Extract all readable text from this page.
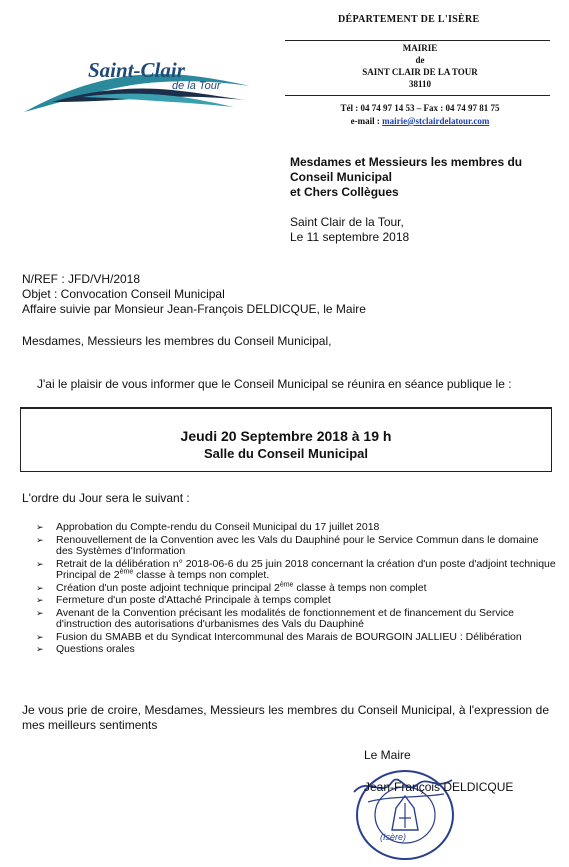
DÉPARTEMENT DE L'ISÈRE
MAIRIE
de
SAINT CLAIR DE LA TOUR
38110
Tél : 04 74 97 14 53 – Fax : 04 74 97 81 75
e-mail : mairie@stclairdelatour.com
Saint-Clair
de la Tour
Mesdames et Messieurs les membres du
Conseil Municipal
et Chers Collègues
Saint Clair de la Tour,
Le 11 septembre 2018
N/REF : JFD/VH/2018
Objet : Convocation Conseil Municipal
Affaire suivie par Monsieur Jean-François DELDICQUE, le Maire
Mesdames, Messieurs les membres du Conseil Municipal,
J'ai le plaisir de vous informer que le Conseil Municipal se réunira en séance publique le :
Jeudi 20 Septembre 2018 à 19 h
Salle du Conseil Municipal
L'ordre du Jour sera le suivant :
➢ Approbation du Compte-rendu du Conseil Municipal du 17 juillet 2018
➢ Renouvellement de la Convention avec les Vals du Dauphiné pour le Service Commun dans le domaine des Systèmes d'Information
➢ Retrait de la délibération n° 2018-06-6 du 25 juin 2018 concernant la création d'un poste d'adjoint technique Principal de 2ème classe à temps non complet.
➢ Création d'un poste adjoint technique principal 2ème classe à temps non complet
➢ Fermeture d'un poste d'Attaché Principale à temps complet
➢ Avenant de la Convention précisant les modalités de fonctionnement et de financement du Service d'instruction des autorisations d'urbanismes des Vals du Dauphiné
➢ Fusion du SMABB et du Syndicat Intercommunal des Marais de BOURGOIN JALLIEU : Délibération
➢ Questions orales
Je vous prie de croire, Mesdames, Messieurs les membres du Conseil Municipal, à l'expression de mes meilleurs sentiments
Le Maire
(Isère)
Jean-François DELDICQUE
